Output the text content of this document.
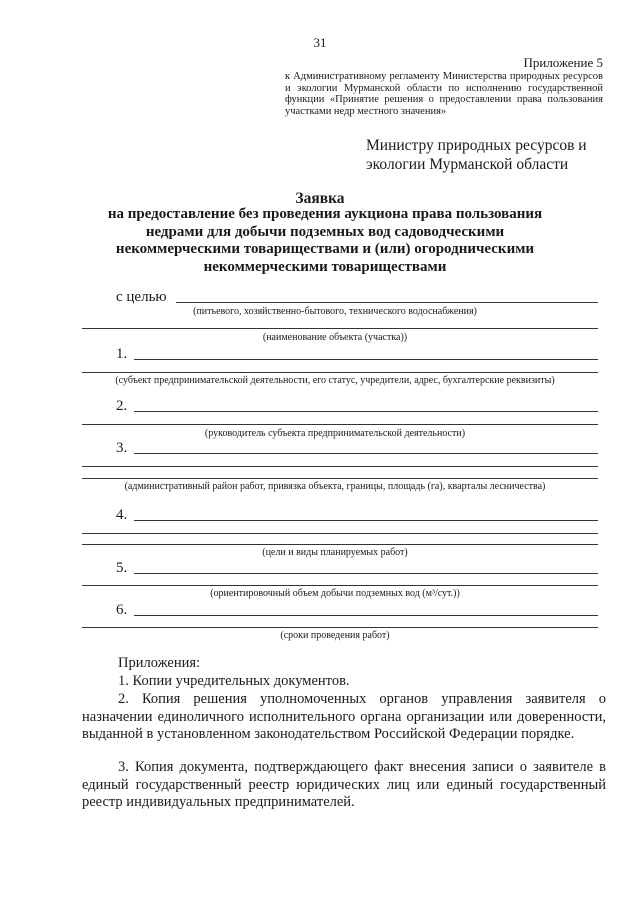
31
Приложение 5
к Административному регламенту Министерства природных ресурсов и экологии Мурманской области по исполнению государственной функции «Принятие решения о предоставлении права пользования участками недр местного значения»
Министру природных ресурсов и экологии Мурманской области
Заявка
на предоставление без проведения аукциона права пользования недрами для добычи подземных вод садоводческими некоммерческими товариществами и (или) огородническими некоммерческими товариществами
с целью
(питьевого, хозяйственно-бытового, технического водоснабжения)
(наименование объекта (участка))
1.
(субъект предпринимательской деятельности, его статус, учредители, адрес, бухгалтерские реквизиты)
2.
(руководитель субъекта предпринимательской деятельности)
3.
(административный район работ, привязка объекта, границы, площадь (га), кварталы лесничества)
4.
(цели и виды планируемых работ)
5.
(ориентировочный объем добычи подземных вод (м³/сут.))
6.
(сроки проведения работ)
Приложения:
1. Копии учредительных документов.
2. Копия решения уполномоченных органов управления заявителя о назначении единоличного исполнительного органа организации или доверенности, выданной в установленном законодательством Российской Федерации порядке.
3. Копия документа, подтверждающего факт внесения записи о заявителе в единый государственный реестр юридических лиц или единый государственный реестр индивидуальных предпринимателей.
